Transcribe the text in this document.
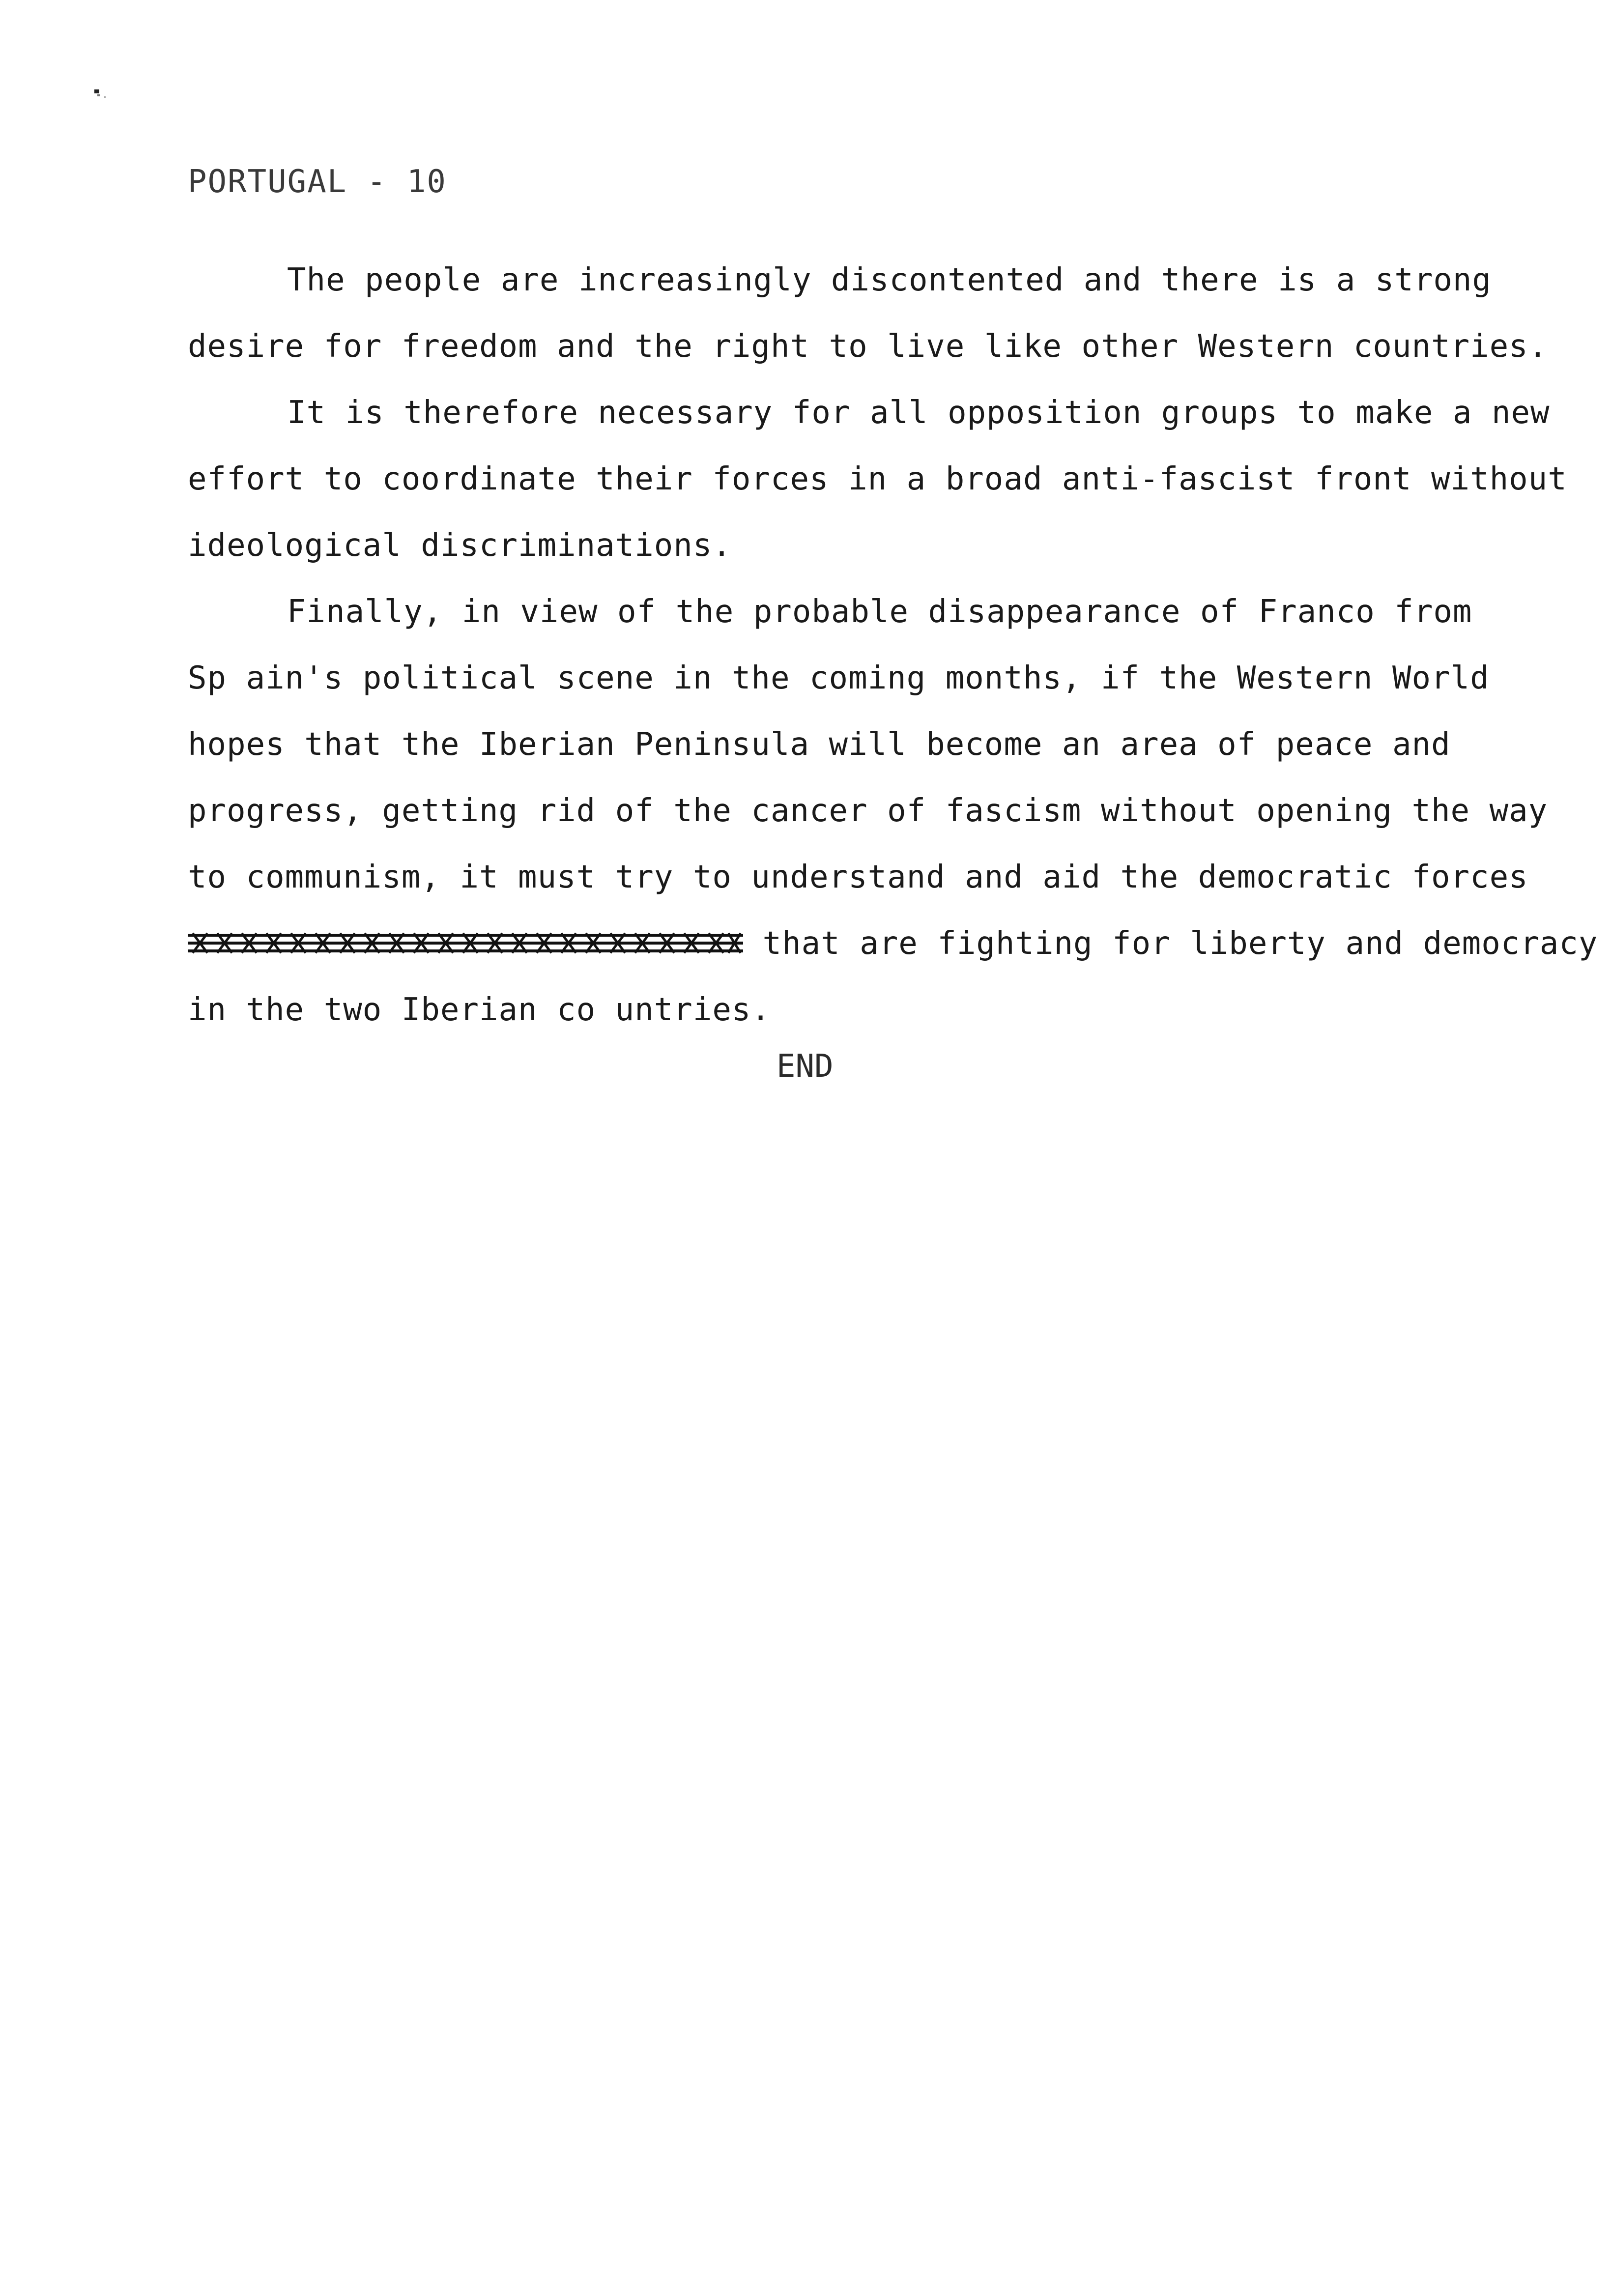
PORTUGAL - 10
The people are increasingly discontented and there is a strong
desire for freedom and the right to live like other Western countries.
It is therefore necessary for all opposition groups to make a new
effort to coordinate their forces in a broad anti-fascist front without
ideological discriminations.
Finally, in view of the probable disappearance of Franco from
Sp ain's political scene in the coming months, if the Western World
hopes that the Iberian Peninsula will become an area of peace and
progress, getting rid of the cancer of fascism without opening the way
to communism, it must try to understand and aid the democratic forces
that are fighting for liberty and democracy
in the two Iberian co untries.
END
